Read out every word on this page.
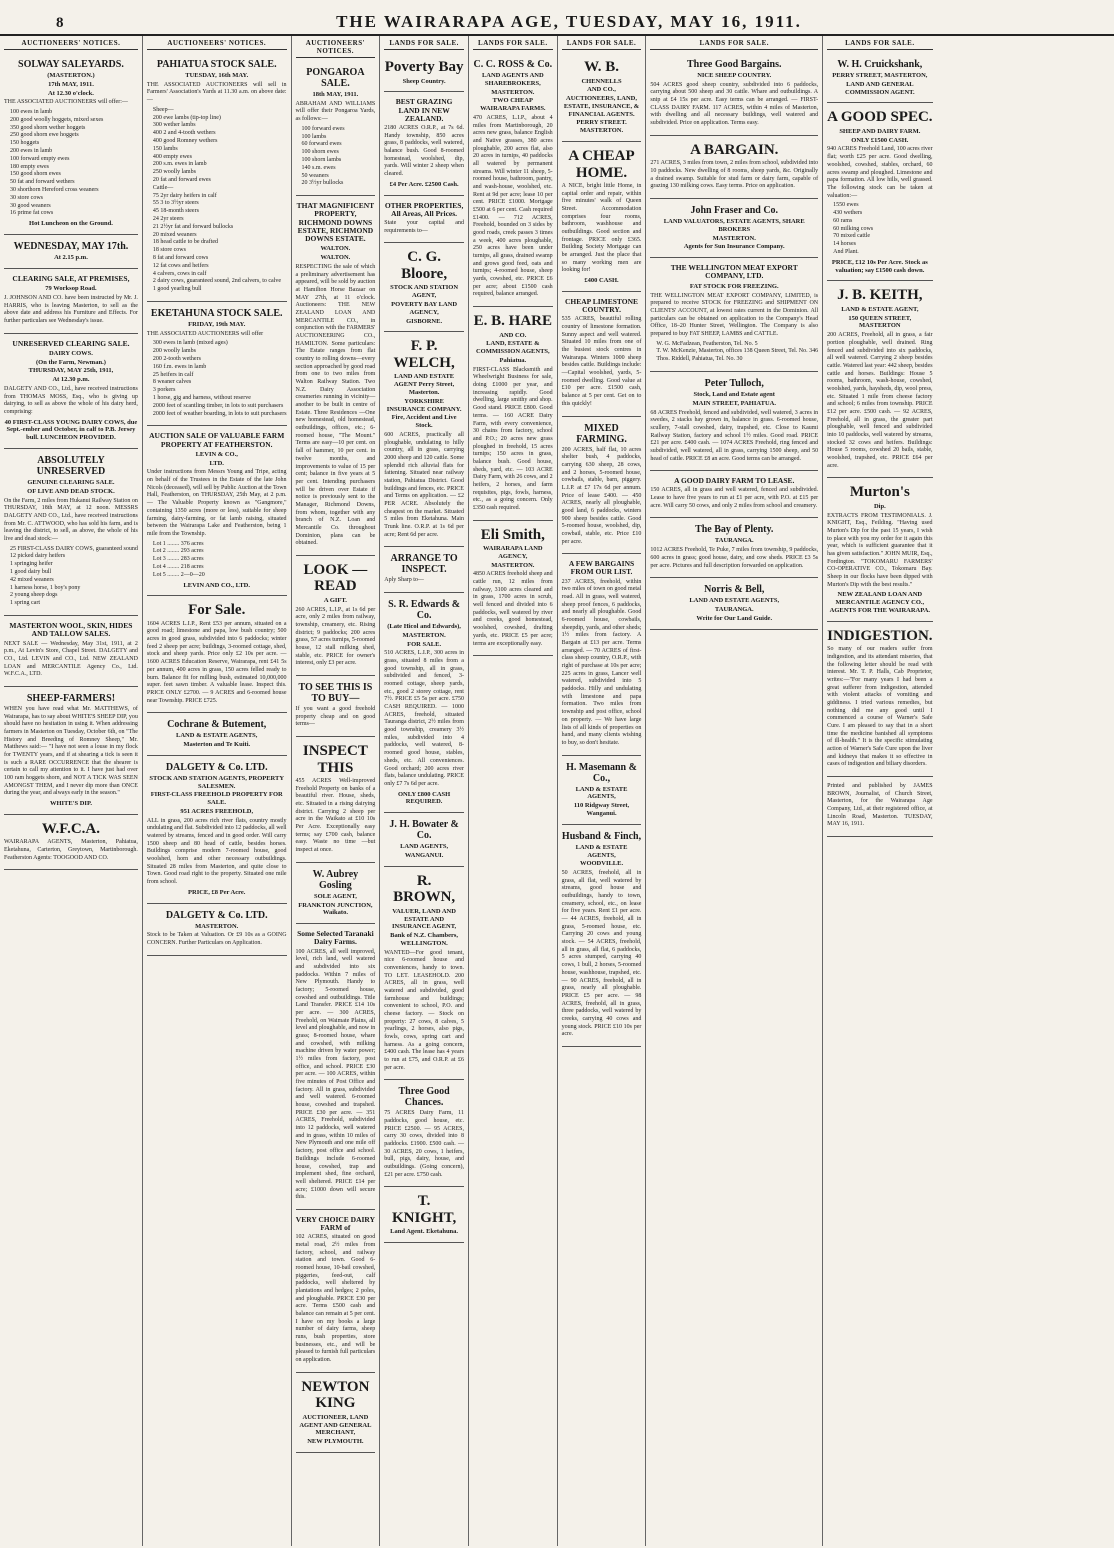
8	THE WAIRARAPA AGE, TUESDAY, MAY 16, 1911.
AUCTIONEERS' NOTICES.
SOLWAY SALEYARDS.
(MASTERTON.)
17th MAY, 1911.
At 12.30 o'clock.
THE ASSOCIATED AUCTIONEERS will offer:—
100 ewes in lamb
200 good woolly hoggets, mixed sexes
350 good shorn wether hoggets
250 good shorn ewe hoggets
150 hoggets
200 ewes in lamb
100 forward empty ewes
180 empty ewes
150 good shorn ewes
50 fat and forward wethers
30 shorthorn Hereford cross weaners
30 store cows
30 good weaners
16 prime fat cows
Hot Luncheon on the Ground.
WEDNESDAY, MAY 17th.
At 2.15 p.m.
CLEARING SALE, AT PREMISES,
79 Worksop Road.
J. JOHNSON AND CO. have been instructed by Mr. J. HARRIS, who is leaving Masterton, to sell as the above date and address his Furniture and Effects. For further particulars see Wednesday's issue.
UNRESERVED CLEARING SALE.
DAIRY COWS.
(On the Farm, Newman.)
THURSDAY, MAY 25th, 1911,
At 12.30 p.m.
DALGETY AND CO., Ltd., have received instructions from THOMAS MOSS, Esq., who is giving up dairying, to sell as above the whole of his dairy herd, comprising:
40 FIRST-CLASS YOUNG DAIRY COWS, due Sept.-ember and October, in calf to P.B. Jersey bull. LUNCHEON PROVIDED.
ABSOLUTELY UNRESERVED
GENUINE CLEARING SALE.
OF LIVE AND DEAD STOCK.
On the Farm, 2 miles from Hukanui Railway Station on THURSDAY, 18th MAY, at 12 noon. MESSRS DALGETY AND CO., Ltd., have received instructions from Mr. C. ATTWOOD, who has sold his farm, and is leaving the district, to sell, as above, the whole of his live and dead stock:—
25 FIRST-CLASS DAIRY COWS, guaranteed sound
12 picked dairy heifers
1 springing heifer
1 good dairy bull
42 mixed weaners
1 harness horse, 1 boy's pony
2 young sheep dogs
1 spring cart
MASTERTON WOOL, SKIN, HIDES AND TALLOW SALES.
NEXT SALE — Wednesday, May 31st, 1911, at 2 p.m., At Levin's Store, Chapel Street. DALGETY and CO., Ltd. LEVIN and CO., Ltd. NEW ZEALAND LOAN and MERCANTILE Agency Co., Ltd. W.F.C.A., LTD.
SHEEP-FARMERS!
WHEN you have read what Mr. MATTHEWS, of Wairarapa, has to say about WHITE'S SHEEP DIP, you should have no hesitation in using it. When addressing farmers in Masterton on Tuesday, October 6th, on "The History and Breeding of Romney Sheep," Mr. Matthews said:— "I have not seen a louse in my flock for TWENTY years, and if at shearing a tick is seen it is such a RARE OCCURRENCE that the shearer is certain to call my attention to it. I have just had over 100 ram hoggets shorn, and NOT A TICK WAS SEEN AMONGST THEM, and I never dip more than ONCE during the year, and always early in the season."
WHITE'S DIP.
W.F.C.A.
WAIRARAPA AGENTS, Masterton, Pahiatua, Eketahuna, Carterton, Greytown, Martinborough. Featherston Agents: TOOGOOD AND CO.
AUCTIONEERS' NOTICES.
PAHIATUA STOCK SALE.
TUESDAY, 16th MAY.
THE ASSOCIATED AUCTIONEERS will sell in Farmers' Association's Yards at 11.30 a.m. on above date:—
Sheep—
200 ewe lambs (tip-top line)
300 wether lambs
400 2 and 4-tooth wethers
400 good Romney wethers
150 lambs
400 empty ewes
200 s.m. ewes in lamb
250 woolly lambs
20 fat and forward ewes
Cattle—
75 2yr dairy heifers in calf
55 3 to 3½yr steers
45 18-month steers
24 2yr steers
21 2½yr fat and forward bullocks
20 mixed weaners
18 head cattle to be drafted
18 store cows
8 fat and forward cows
12 fat cows and heifers
4 calvers, cows in calf
2 dairy cows, guaranteed sound, 2nd calvers, to calve
1 good yearling bull
EKETAHUNA STOCK SALE.
FRIDAY, 19th MAY.
THE ASSOCIATED AUCTIONEERS will offer
300 ewes in lamb (mixed ages)
200 woolly lambs
200 2-tooth wethers
160 f.m. ewes in lamb
25 heifers in calf
8 weaner calves
3 porkers
1 horse, gig and harness, without reserve
2000 feet of scantling timber, in lots to suit purchasers
2000 feet of weather boarding, in lots to suit purchasers
AUCTION SALE OF VALUABLE FARM PROPERTY AT FEATHERSTON.
LEVIN & CO.,
LTD.
Under instructions from Messrs Young and Tripe, acting on behalf of the Trustees in the Estate of the late John Nicols (deceased), will sell by Public Auction at the Town Hall, Featherston, on THURSDAY, 25th May, at 2 p.m. — The Valuable Property known as "Gangmore," containing 1350 acres (more or less), suitable for sheep farming, dairy-farming, or fat lamb raising, situated between the Wairarapa Lake and Featherston, being 1 mile from the Township.
Lot 1 ........ 376 acres
Lot 2 ........ 293 acres
Lot 3 ........ 283 acres
Lot 4 ........ 218 acres
Lot 5 ........ 2—0—20
LEVIN AND CO., LTD.
For Sale.
1604 ACRES L.I.P., Rent £53 per annum, situated on a good road; limestone and papa, low bush country; 500 acres in good grass, subdivided into 6 paddocks; winter feed 2 sheep per acre; buildings, 3-roomed cottage, shed, stock and sheep yards. Price only £2 10s per acre. — 1600 ACRES Education Reserve, Wairarapa, rent £41 5s per annum, 400 acres in grass, 150 acres felled ready to burn. Balance fit for milling bush, estimated 10,000,000 super. feet sawn timber. A valuable lease. Inspect this. PRICE ONLY £2700. — 9 ACRES and 6-roomed house near Township. PRICE £725.
Cochrane & Butement,
LAND & ESTATE AGENTS,
Masterton and Te Kuiti.
DALGETY & Co. LTD.
STOCK AND STATION AGENTS, PROPERTY SALESMEN.
FIRST-CLASS FREEHOLD PROPERTY FOR SALE.
951 ACRES FREEHOLD,
ALL in grass, 200 acres rich river flats, country mostly undulating and flat. Subdivided into 12 paddocks, all well watered by streams, fenced and in good order. Will carry 1500 sheep and 80 head of cattle, besides horses. Buildings comprise modern 7-roomed house, good woolshed, horn and other necessary outbuildings. Situated 28 miles from Masterton, and quite close to Town. Good road right to the property. Situated one mile from school.
PRICE, £8 Per Acre.
DALGETY & Co. LTD.
MASTERTON.
Stock to be Taken at Valuation. Or £9 10s as a GOING CONCERN. Further Particulars on Application.
AUCTIONEERS' NOTICES.
PONGAROA SALE.
18th MAY, 1911.
ABRAHAM AND WILLIAMS will offer their Pongaroa Yards, as follows:—
100 forward ewes
100 lambs
60 forward ewes
100 shorn ewes
100 shorn lambs
140 s.m. ewes
50 weaners
20 3½yr bullocks
THAT MAGNIFICENT PROPERTY, RICHMOND DOWNS ESTATE, RICHMOND DOWNS ESTATE.
WALTON.
WALTON.
RESPECTING the sale of which a preliminary advertisement has appeared, will be sold by auction at Hamilton Horse Bazaar on MAY 27th, at 11 o'clock. Auctioneers: THE NEW ZEALAND LOAN AND MERCANTILE CO., in conjunction with the FARMERS' AUCTIONEERING CO., HAMILTON. Some particulars: The Estate ranges from flat country to rolling downs—every section approached by good road from one to two miles from Walton Railway Station. Two N.Z. Dairy Association creameries running in vicinity—another to be built in centre of Estate. Three Residences —One new homestead, old homestead, outbuildings, offices, etc.; 6-roomed house, "The Mount." Terms are easy—10 per cent. on fall of hammer, 10 per cent. in twelve months, and improvements to value of 15 per cent; balance in five years at 5 per cent. Intending purchasers will be driven over Estate if notice is previously sent to the Manager, Richmond Downs, from whom, together with any branch of N.Z. Loan and Mercantile Co. throughout Dominion, plans can be obtained.
LOOK — READ
A GIFT.
260 ACRES, L.I.P., at 1s 6d per acre, only 2 miles from railway, township, creamery, etc. Rising district; 9 paddocks; 200 acres grass, 57 acres turnips, 5-roomed house, 12 stall milking shed, stable, etc. PRICE for owner's interest, only £3 per acre.
TO SEE THIS IS TO BUY—
If you want a good freehold property cheap and on good terms—
INSPECT THIS
455 ACRES Well-improved Freehold Property on banks of a beautiful river. House, sheds, etc. Situated in a rising dairying district. Carrying 2 sheep per acre in the Waikato at £10 10s Per Acre. Exceptionally easy terms; say £700 cash, balance easy. Waste no time —but inspect at once.
W. Aubrey Gosling
SOLE AGENT,
FRANKTON JUNCTION, Waikato.
Some Selected Taranaki Dairy Farms.
100 ACRES, all well improved, level, rich land, well watered and subdivided into six paddocks. Within 7 miles of New Plymouth. Handy to factory; 5-roomed house, cowshed and outbuildings. Title Land Transfer. PRICE £14 10s per acre. — 300 ACRES, Freehold, on Waimate Plains, all level and ploughable, and now in grass; 8-roomed house, whare and cowshed, with milking machine driven by water power; 1½ miles from factory, post office, and school. PRICE £30 per acre. — 100 ACRES, within five minutes of Post Office and factory. All in grass, subdivided and well watered. 6-roomed house, cowshed and trapshed. PRICE £30 per acre. — 351 ACRES, Freehold, subdivided into 12 paddocks, well watered and in grass, within 10 miles of New Plymouth and one mile off factory, post office and school. Buildings include 6-roomed house, cowshed, trap and implement shed, fine orchard, well sheltered. PRICE £14 per acre; £1000 down will secure this.
VERY CHOICE DAIRY FARM of
102 ACRES, situated on good metal road, 2½ miles from factory, school, and railway station and town. Good 6-roomed house, 10-bail cowshed, piggeries, feed-out, calf paddocks, well sheltered by plantations and hedges; 2 poles, and ploughable. PRICE £30 per acre. Terms £500 cash and balance can remain at 5 per cent. I have on my books a large number of dairy farms, sheep runs, bush properties, store businesses, etc., and will be pleased to furnish full particulars on application.
NEWTON KING
AUCTIONEER, LAND AGENT AND GENERAL MERCHANT,
NEW PLYMOUTH.
LANDS FOR SALE.
Poverty Bay
Sheep Country.
BEST GRAZING LAND IN NEW ZEALAND.
2180 ACRES O.R.P., at 7s 6d. Handy township, 850 acres grass, 8 paddocks, well watered, balance bush. Good 8-roomed homestead, woolshed, dip, yards. Will winter 2 sheep when cleared.
£4 Per Acre. £2500 Cash.
OTHER PROPERTIES, All Areas, All Prices.
State your capital and requirements to—
C. G. Bloore,
STOCK AND STATION AGENT,
POVERTY BAY LAND AGENCY,
GISBORNE.
F. P. WELCH,
LAND AND ESTATE AGENT Perry Street, Masterton.
YORKSHIRE INSURANCE COMPANY.
Fire, Accident and Live Stock.
600 ACRES, practically all ploughable, undulating to hilly country, all in grass, carrying 2000 sheep and 120 cattle. Some splendid rich alluvial flats for fattening. Situated near railway station, Pahiatua District. Good buildings and fences, etc. PRICE and Terms on application. — £2 PER ACRE. Absolutely the cheapest on the market. Situated 5 miles from Eketahuna. Main Trunk line. O.R.P. at 1s 6d per acre; Rent 6d per acre.
ARRANGE TO INSPECT.
Aply Sharp to—
S. R. Edwards & Co.
(Late Hicol and Edwards),
MASTERTON.
FOR SALE.
510 ACRES, L.I.P., 300 acres in grass, situated 8 miles from a good township, all in grass, subdivided and fenced, 3-roomed cottage, sheep yards, etc., good 2 storey cottage, rent 7½. PRICE £5 5s per acre. £750 CASH REQUIRED. — 1000 ACRES, freehold, situated Tauranga district, 2½ miles from good township, creamery 3½ miles, subdivided into 4 paddocks, well watered, 8-roomed good house, stables, sheds, etc. All conveniences. Good orchard; 200 acres river flats, balance undulating. PRICE only £7 7s 6d per acre.
ONLY £800 CASH REQUIRED.
J. H. Bowater & Co.
LAND AGENTS,
WANGANUI.
R. BROWN,
VALUER, LAND AND ESTATE AND INSURANCE AGENT,
Bank of N.Z. Chambers, WELLINGTON.
WANTED—For good tenant, nice 6-roomed house and conveniences, handy to town. TO LET. LEASEHOLD. 200 ACRES, all in grass, well watered and subdivided, good farmhouse and buildings; convenient to school, P.O. and cheese factory. — Stock on property: 27 cows, 8 calves, 5 yearlings, 2 horses, also pigs, fowls, cows, spring cart and harness. As a going concern, £400 cash. The lease has 4 years to run at £75, and O.R.P. at £6 per acre.
Three Good Chances.
75 ACRES Dairy Farm, 11 paddocks, good house, etc. PRICE £2500. — 95 ACRES, carry 30 cows, divided into 8 paddocks. £1900. £500 cash. — 30 ACRES, 20 cows, 1 heifers, bull, pigs, dairy, house, and outbuildings. (Going concern), £21 per acre. £750 cash.
T. KNIGHT,
Land Agent. Eketahuna.
LANDS FOR SALE.
C. C. ROSS & Co.
LAND AGENTS AND SHAREBROKERS,
MASTERTON.
TWO CHEAP WAIRARAPA FARMS.
470 ACRES, L.I.P., about 4 miles from Martinborough, 20 acres new grass, balance English and Native grasses, 380 acres ploughable, 200 acres flat, also 20 acres in turnips, 40 paddocks all watered by permanent streams. Will winter 11 sheep, 5-roomed house, bathroom, pantry, and wash-house, woolshed, etc. Rent at 9d per acre; lease 10 per cent. PRICE £1000. Mortgage £500 at 6 per cent. Cash required £1400. — 712 ACRES, Freehold, bounded on 3 sides by good roads, creek passes 3 times a week, 400 acres ploughable, 250 acres have been under turnips, all grass, drained swamp and grows good feed, oats and turnips; 4-roomed house, sheep yards, cowshed, etc. PRICE £6 per acre; about £1500 cash required, balance arranged.
E. B. HARE
AND CO.
LAND, ESTATE & COMMISSION AGENTS,
Pahiatua.
FIRST-CLASS Blacksmith and Wheelwright Business for sale, doing £1000 per year, and increasing rapidly. Good dwelling, large smithy and shop. Good stand. PRICE £800. Good terms. — 160 ACRE Dairy Farm, with every convenience, 30 chains from factory, school and P.O.; 20 acres new grass ploughed in freehold, 15 acres turnips; 150 acres in grass, balance bush. Good house, sheds, yard, etc. — 103 ACRE Dairy Farm, with 26 cows, and 2 heifers, 2 horses, and farm requisites, pigs, fowls, harness, etc., as a going concern. Only £350 cash required.
Eli Smith,
WAIRARAPA LAND AGENCY,
MASTERTON.
4850 ACRES freehold sheep and cattle run, 12 miles from railway, 3100 acres cleared and in grass, 1700 acres in scrub, well fenced and divided into 6 paddocks, well watered by river and creeks, good homestead, woolshed, cowshed, drafting yards, etc. PRICE £5 per acre; terms are exceptionally easy.
LANDS FOR SALE.
W. B.
CHENNELLS
AND CO.,
AUCTIONEERS, LAND, ESTATE, INSURANCE, & FINANCIAL AGENTS.
PERRY STREET. MASTERTON.
A CHEAP HOME.
A NICE, bright little Home, in capital order and repair, within five minutes' walk of Queen Street. Accommodation comprises four rooms, bathroom, washhouse and outbuildings. Good section and frontage. PRICE only £365. Building Society Mortgage can be arranged. Just the place that so many working men are looking for!
£400 CASH.
CHEAP LIMESTONE COUNTRY.
535 ACRES, beautiful rolling country of limestone formation. Sunny aspect and well watered. Situated 10 miles from one of the busiest stock centres in Wairarapa. Winters 1000 sheep besides cattle. Buildings include:—Capital woolshed, yards, 5-roomed dwelling. Good value at £10 per acre. £1500 cash, balance at 5 per cent. Get on to this quickly!
MIXED FARMING.
200 ACRES, half flat, 10 acres shelter bush, 4 paddocks, carrying 630 sheep, 28 cows, and 2 horses, 5-roomed house, cowbails, stable, barn, piggery. L.I.P. at £7 17s 6d per annum. Price of lease £400. — 450 ACRES, nearly all ploughable, good land, 6 paddocks, winters 900 sheep besides cattle. Good 5-roomed house, woolshed, dip, cowbail, stable, etc. Price £10 per acre.
A FEW BARGAINS FROM OUR LIST.
237 ACRES, freehold, within two miles of town on good metal road. All in grass, well watered, sheep proof fences, 6 paddocks, and nearly all ploughable. Good 6-roomed house, cowbails, sheepdip, yards, and other sheds; 1½ miles from factory. A Bargain at £13 per acre. Terms arranged. — 70 ACRES of first-class sheep country, O.R.P., with right of purchase at 10s per acre; 225 acres in grass, Lancer well watered, subdivided into 5 paddocks. Hilly and undulating with limestone and papa formation. Two miles from township and post office, school on property. — We have large lists of all kinds of properties on hand, and many clients wishing to buy, so don't hesitate.
H. Masemann & Co.,
LAND & ESTATE AGENTS,
110 Ridgway Street, Wanganui.
Husband & Finch,
LAND & ESTATE AGENTS,
WOODVILLE.
50 ACRES, freehold, all in grass, all flat, well watered by streams, good house and outbuildings, handy to town, creamery, school, etc., on lease for five years. Rent £1 per acre. — 44 ACRES, freehold, all in grass, 5-roomed house, etc. Carrying 20 cows and young stock. — 54 ACRES, freehold, all in grass, all flat, 6 paddocks, 5 acres stumped, carrying 40 cows, 1 bull, 2 horses, 5-roomed house, washhouse, trapshed, etc. — 90 ACRES, freehold, all in grass, nearly all ploughable. PRICE £5 per acre. — 98 ACRES, freehold, all in grass, three paddocks, well watered by creeks, carrying 40 cows and young stock. PRICE £10 10s per acre.
LANDS FOR SALE.
Three Good Bargains.
NICE SHEEP COUNTRY.
504 ACRES good sheep country, subdivided into 6 paddocks, carrying about 500 sheep and 30 cattle. Whare and outbuildings. A snip at £4 15s per acre. Easy terms can be arranged. — FIRST-CLASS DAIRY FARM. 117 ACRES, within 4 miles of Masterton, with dwelling and all necessary buildings, well watered and subdivided. Price on application. Terms easy.
A BARGAIN.
271 ACRES, 3 miles from town, 2 miles from school, subdivided into 10 paddocks. New dwelling of 8 rooms, sheep yards, &c. Originally a drained swamp. Suitable for stud farm or dairy farm, capable of grazing 130 milking cows. Easy terms. Price on application.
John Fraser and Co.
LAND VALUATORS, ESTATE AGENTS, SHARE BROKERS
MASTERTON.
Agents for Sun Insurance Company.
THE WELLINGTON MEAT EXPORT COMPANY, LTD.
FAT STOCK FOR FREEZING.
THE WELLINGTON MEAT EXPORT COMPANY, LIMITED, is prepared to receive STOCK for FREEZING and SHIPMENT ON CLIENTS' ACCOUNT, at lowest rates current in the Dominion. All particulars can be obtained on application to the Company's Head Office, 18–20 Hunter Street, Wellington. The Company is also prepared to buy FAT SHEEP, LAMBS and CATTLE.
W. G. McFadzean, Featherston, Tel. No. 5
T. W. McKenzie, Masterton, offices 138 Queen Street, Tel. No. 346
Thos. Riddell, Pahiatua, Tel. No. 30
Peter Tulloch,
Stock, Land and Estate agent
MAIN STREET, PAHIATUA.
68 ACRES Freehold, fenced and subdivided, well watered, 3 acres in swedes, 2 stacks hay grown in, balance in grass. 6-roomed house, scullery, 7-stall cowshed, dairy, trapshed, etc. Close to Kaumi Railway Station, factory and school 1½ miles. Good road. PRICE £21 per acre. £400 cash. — 1074 ACRES Freehold, ring fenced and subdivided, well watered, all in grass, carrying 1500 sheep, and 50 head of cattle. PRICE £8 an acre. Good terms can be arranged.
A GOOD DAIRY FARM TO LEASE.
150 ACRES, all in grass and well watered, fenced and subdivided. Lease to have five years to run at £1 per acre, with P.O. at £15 per acre. Will carry 50 cows, and only 2 miles from school and creamery.
The Bay of Plenty.
TAURANGA.
1012 ACRES Freehold, Te Puke, 7 miles from township, 9 paddocks, 600 acres in grass; good house, dairy, and cow sheds. PRICE £3 5s per acre. Pictures and full description forwarded on application.
Norris & Bell,
LAND AND ESTATE AGENTS,
TAURANGA.
Write for Our Land Guide.
LANDS FOR SALE.
W. H. Cruickshank,
PERRY STREET, MASTERTON,
LAND AND GENERAL COMMISSION AGENT.
A GOOD SPEC.
SHEEP AND DAIRY FARM.
ONLY £1500 CASH.
940 ACRES Freehold Land, 100 acres river flat; worth £25 per acre. Good dwelling, woolshed, cowshed, stables, orchard, 60 acres swamp and ploughed. Limestone and papa formation. All low hills, well grassed. The following stock can be taken at valuation:—
1550 ewes
430 wethers
60 rams
60 milking cows
70 mixed cattle
14 horses
And Plant.
PRICE, £12 10s Per Acre. Stock as valuation; say £1500 cash down.
J. B. KEITH,
LAND & ESTATE AGENT,
150 QUEEN STREET, MASTERTON
200 ACRES, Freehold, all in grass, a fair portion ploughable, well drained. Ring fenced and subdivided into six paddocks, all well watered. Carrying 2 sheep besides cattle. Watered last year: 442 sheep, besides cattle and horses. Buildings: House 5 rooms, bathroom, wash-house, cowshed, woolshed, yards, haysheds, dip, wool press, etc. Situated 1 mile from cheese factory and school; 6 miles from township. PRICE £12 per acre. £500 cash. — 92 ACRES, Freehold, all in grass, the greater part ploughable, well fenced and subdivided into 10 paddocks, well watered by streams, stocked 32 cows and heifers. Buildings: House 5 rooms, cowshed 20 bails, stable, woolshed, trapshed, etc. PRICE £64 per acre.
Murton's
Dip.
EXTRACTS FROM TESTIMONIALS. J. KNIGHT, Esq., Feilding. "Having used Murton's Dip for the past 15 years, I wish to place with you my order for it again this year, which is sufficient guarantee that it has given satisfaction." JOHN MUIR, Esq., Fordington. "TOKOMARU FARMERS' CO-OPERATIVE CO., Tokomaru Bay. Sheep in our flocks have been dipped with Murton's Dip with the best results."
NEW ZEALAND LOAN AND MERCANTILE AGENCY CO., AGENTS FOR THE WAIRARAPA.
INDIGESTION.
So many of our readers suffer from indigestion, and its attendant miseries, that the following letter should be read with interest. Mr. T. P. Halls, Cab Proprietor, writes:—"For many years I had been a great sufferer from indigestion, attended with violent attacks of vomiting and giddiness. I tried various remedies, but nothing did me any good until I commenced a course of Warner's Safe Cure. I am pleased to say that in a short time the medicine banished all symptoms of ill-health." It is the specific stimulating action of Warner's Safe Cure upon the liver and kidneys that makes it so effective in cases of indigestion and biliary disorders.
Printed and published by JAMES BROWN, Journalist, of Church Street, Masterton, for the Wairarapa Age Company, Ltd., at their registered office, at Lincoln Road, Masterton. TUESDAY, MAY 16, 1911.
